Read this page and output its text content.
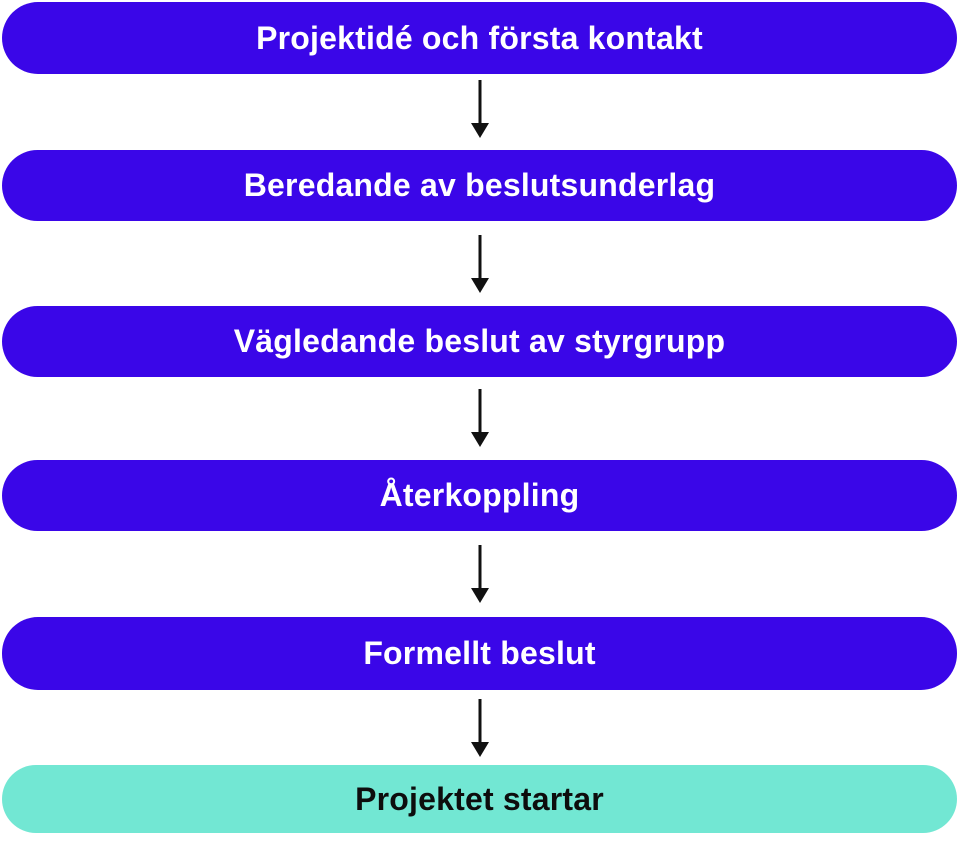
Projektidé och första kontakt
Beredande av beslutsunderlag
Vägledande beslut av styrgrupp
Återkoppling
Formellt beslut
Projektet startar
